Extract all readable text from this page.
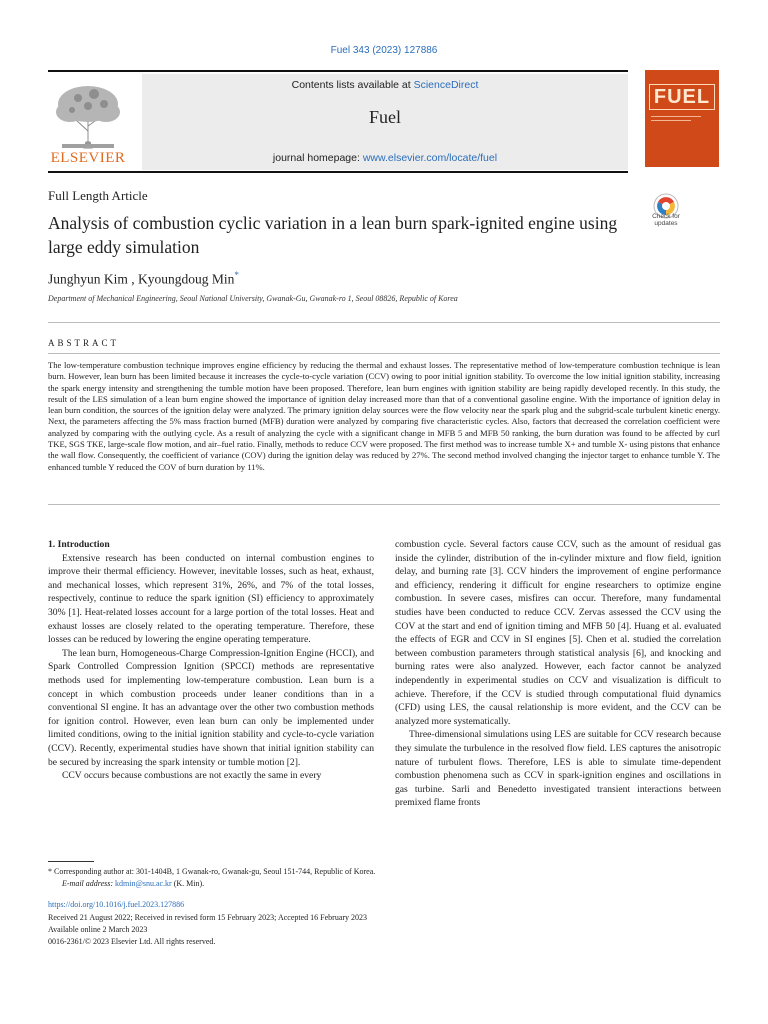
Fuel 343 (2023) 127886
ELSEVIER
Contents lists available at ScienceDirect
Fuel
journal homepage: www.elsevier.com/locate/fuel
FUEL
Full Length Article
Analysis of combustion cyclic variation in a lean burn spark-ignited engine using large eddy simulation
Check for updates
Junghyun Kim , Kyoungdoug Min*
Department of Mechanical Engineering, Seoul National University, Gwanak-Gu, Gwanak-ro 1, Seoul 08826, Republic of Korea
ABSTRACT
The low-temperature combustion technique improves engine efficiency by reducing the thermal and exhaust losses. The representative method of low-temperature combustion technique is lean burn. However, lean burn has been limited because it increases the cycle-to-cycle variation (CCV) owing to poor initial ignition stability. To overcome the low initial ignition stability, increasing the spark energy intensity and strengthening the tumble motion have been proposed. Therefore, lean burn engines with ignition stability are being rapidly developed recently. In this study, the result of the LES simulation of a lean burn engine showed the importance of ignition delay increased more than that of a conventional gasoline engine. With the importance of ignition delay in lean burn condition, the sources of the ignition delay were analyzed. The primary ignition delay sources were the flow velocity near the spark plug and the subgrid-scale turbulent kinetic energy. Next, the parameters affecting the 5% mass fraction burned (MFB) duration were analyzed by comparing five characteristic cycles. Also, factors that decreased the correlation coefficient were analyzed by comparing with the outlying cycle. As a result of analyzing the cycle with a significant change in MFB 5 and MFB 50 ranking, the burn duration was found to be affected by curl TKE, SGS TKE, large-scale flow motion, and air–fuel ratio. Finally, methods to reduce CCV were proposed. The first method was to increase tumble X+ and tumble X- using pistons that enhance the wall flow. Consequently, the coefficient of variance (COV) during the ignition delay was reduced by 27%. The second method involved changing the injector target to enhance tumble Y. The enhanced tumble Y reduced the COV of burn duration by 11%.

1. Introduction

Extensive research has been conducted on internal combustion engines to improve their thermal efficiency. However, inevitable losses, such as heat, exhaust, and mechanical losses, which represent 31%, 26%, and 7% of the total losses, respectively, continue to reduce the spark ignition (SI) efficiency to approximately 30% [1]. Heat-related losses account for a large portion of the total losses. Heat and exhaust losses are closely related to the operating temperature. Therefore, these losses can be reduced by lowering the engine operating temperature.

The lean burn, Homogeneous-Charge Compression-Ignition Engine (HCCI), and Spark Controlled Compression Ignition (SPCCI) methods are representative methods used for implementing low-temperature combustion. Lean burn is a concept in which combustion proceeds under leaner conditions than in a conventional SI engine. It has an advantage over the other two combustion methods for ignition control. However, even lean burn can only be implemented under limited conditions, owing to the initial ignition stability and cycle-to-cycle variation (CCV). Recently, experimental studies have shown that initial ignition stability can be secured by increasing the spark intensity or tumble motion [2].

CCV occurs because combustions are not exactly the same in every

combustion cycle. Several factors cause CCV, such as the amount of residual gas inside the cylinder, distribution of the in-cylinder mixture and flow field, ignition delay, and burning rate [3]. CCV hinders the improvement of engine performance and efficiency, rendering it difficult for engine researchers to optimize engine combustion. In severe cases, misfires can occur. Therefore, many fundamental studies have been conducted to reduce CCV. Zervas assessed the CCV using the COV at the start and end of ignition timing and MFB 50 [4]. Huang et al. evaluated the effects of EGR and CCV in SI engines [5]. Chen et al. studied the correlation between combustion parameters through statistical analysis [6], and knocking and burning rates were also analyzed. However, each factor cannot be analyzed independently in experimental studies on CCV and visualization is difficult to achieve. Therefore, if the CCV is studied through computational fluid dynamics (CFD) using LES, the causal relationship is more evident, and the CCV can be analyzed more systematically.

Three-dimensional simulations using LES are suitable for CCV research because they simulate the turbulence in the resolved flow field. LES captures the anisotropic nature of turbulent flows. Therefore, LES is able to simulate time-dependent combustion phenomena such as CCV in spark-ignition engines and oscillations in gas turbine. Sarli and Benedetto investigated transient interactions between premixed flame fronts

* Corresponding author at: 301-1404B, 1 Gwanak-ro, Gwanak-gu, Seoul 151-744, Republic of Korea.
E-mail address: kdmin@snu.ac.kr (K. Min).
https://doi.org/10.1016/j.fuel.2023.127886
Received 21 August 2022; Received in revised form 15 February 2023; Accepted 16 February 2023
Available online 2 March 2023
0016-2361/© 2023 Elsevier Ltd. All rights reserved.
